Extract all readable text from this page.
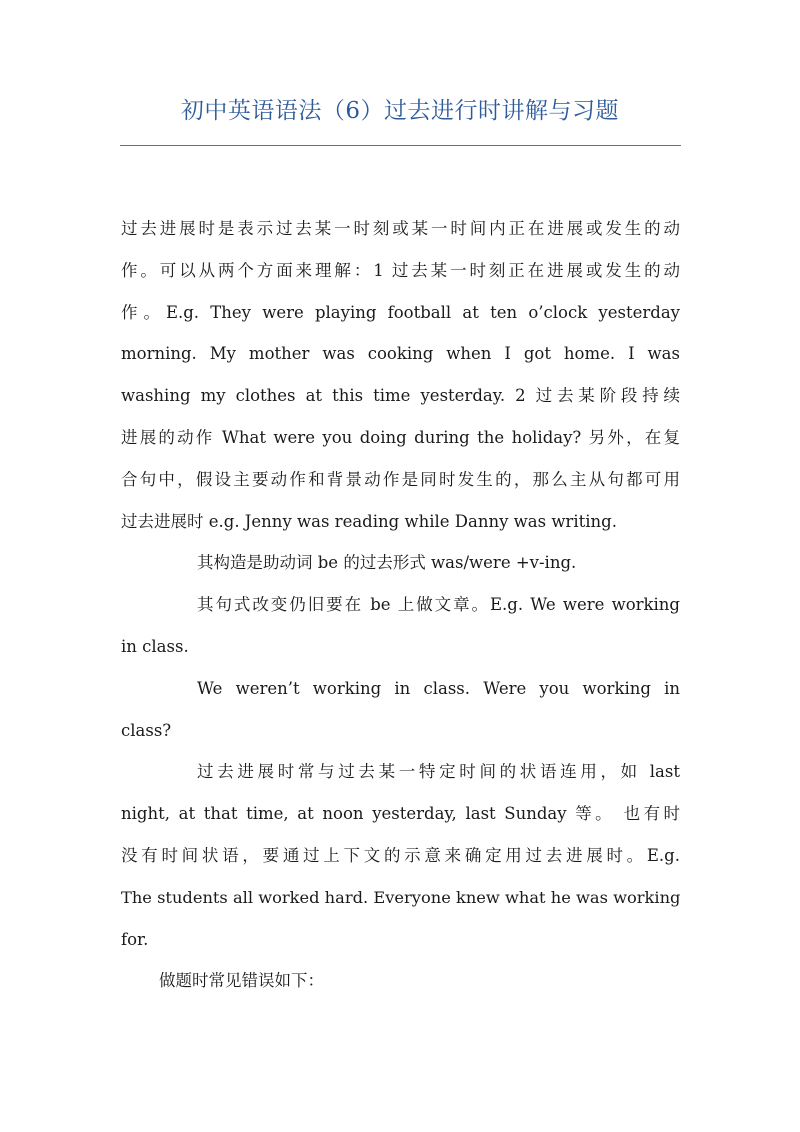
初中英语语法（6）过去进行时讲解与习题
过去进展时是表示过去某一时刻或某一时间内正在进展或发生的动
作。可以从两个方面来理解：1 过去某一时刻正在进展或发生的动
作。E.g. They were playing football at ten o’clock yesterday
morning. My mother was cooking when I got home. I was
washing my clothes at this time yesterday. 2 过去某阶段持续
进展的动作 What were you doing during the holiday? 另外，在复
合句中，假设主要动作和背景动作是同时发生的，那么主从句都可用
过去进展时 e.g. Jenny was reading while Danny was writing.
其构造是助动词 be 的过去形式 was/were +v-ing.
其句式改变仍旧要在 be 上做文章。E.g. We were working
in class.
We weren’t working in class. Were you working in
class?
过去进展时常与过去某一特定时间的状语连用，如 last
night, at that time, at noon yesterday, last Sunday 等。 也有时
没有时间状语，要通过上下文的示意来确定用过去进展时。E.g.
The students all worked hard. Everyone knew what he was working
for.
做题时常见错误如下：
